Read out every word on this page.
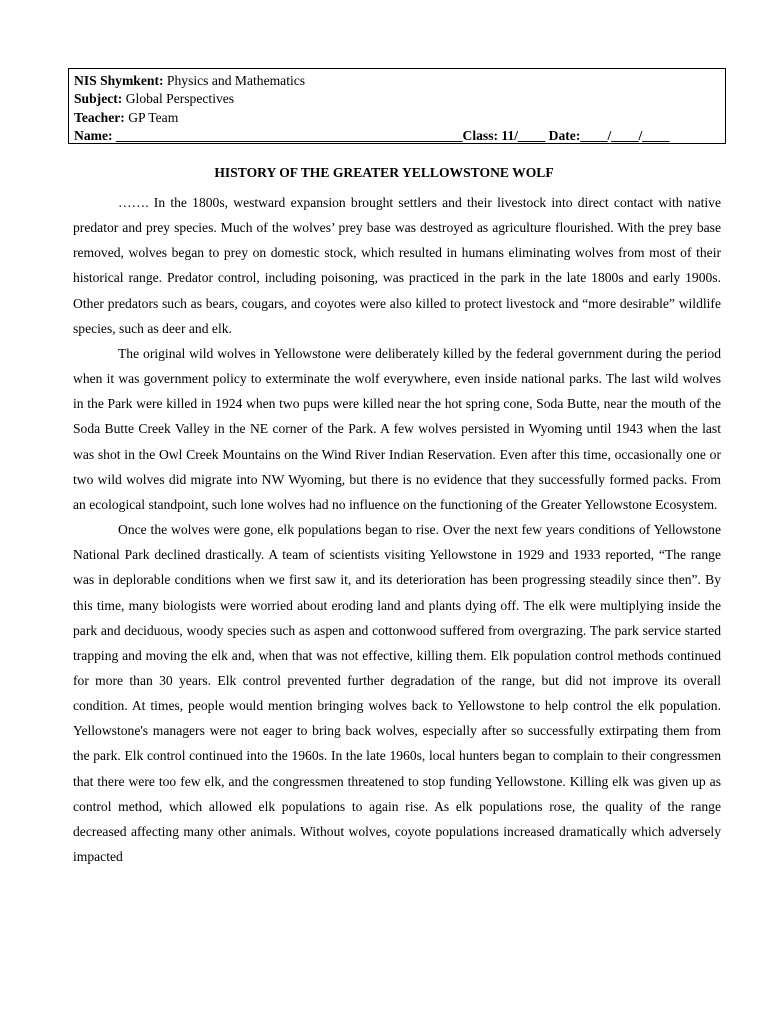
NIS Shymkent: Physics and Mathematics
Subject: Global Perspectives
Teacher: GP Team
Name: ___________________________________________________Class: 11/____ Date:____/____/____
HISTORY OF THE GREATER YELLOWSTONE WOLF

……. In the 1800s, westward expansion brought settlers and their livestock into direct contact with native predator and prey species. Much of the wolves’ prey base was destroyed as agriculture flourished. With the prey base removed, wolves began to prey on domestic stock, which resulted in humans eliminating wolves from most of their historical range. Predator control, including poisoning, was practiced in the park in the late 1800s and early 1900s. Other predators such as bears, cougars, and coyotes were also killed to protect livestock and “more desirable” wildlife species, such as deer and elk.

The original wild wolves in Yellowstone were deliberately killed by the federal government during the period when it was government policy to exterminate the wolf everywhere, even inside national parks. The last wild wolves in the Park were killed in 1924 when two pups were killed near the hot spring cone, Soda Butte, near the mouth of the Soda Butte Creek Valley in the NE corner of the Park. A few wolves persisted in Wyoming until 1943 when the last was shot in the Owl Creek Mountains on the Wind River Indian Reservation. Even after this time, occasionally one or two wild wolves did migrate into NW Wyoming, but there is no evidence that they successfully formed packs. From an ecological standpoint, such lone wolves had no influence on the functioning of the Greater Yellowstone Ecosystem.

Once the wolves were gone, elk populations began to rise. Over the next few years conditions of Yellowstone National Park declined drastically. A team of scientists visiting Yellowstone in 1929 and 1933 reported, “The range was in deplorable conditions when we first saw it, and its deterioration has been progressing steadily since then”. By this time, many biologists were worried about eroding land and plants dying off. The elk were multiplying inside the park and deciduous, woody species such as aspen and cottonwood suffered from overgrazing. The park service started trapping and moving the elk and, when that was not effective, killing them. Elk population control methods continued for more than 30 years. Elk control prevented further degradation of the range, but did not improve its overall condition. At times, people would mention bringing wolves back to Yellowstone to help control the elk population. Yellowstone's managers were not eager to bring back wolves, especially after so successfully extirpating them from the park. Elk control continued into the 1960s. In the late 1960s, local hunters began to complain to their congressmen that there were too few elk, and the congressmen threatened to stop funding Yellowstone. Killing elk was given up as control method, which allowed elk populations to again rise. As elk populations rose, the quality of the range decreased affecting many other animals. Without wolves, coyote populations increased dramatically which adversely impacted
